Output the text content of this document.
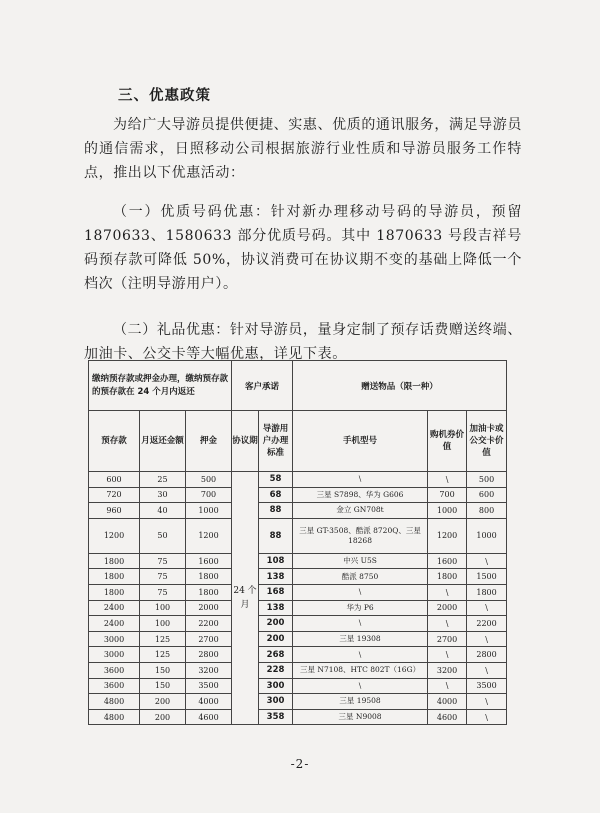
三、优惠政策
为给广大导游员提供便捷、实惠、优质的通讯服务，满足导游员的通信需求，日照移动公司根据旅游行业性质和导游员服务工作特点，推出以下优惠活动：
（一）优质号码优惠：针对新办理移动号码的导游员，预留 1870633、1580633 部分优质号码。其中 1870633 号段吉祥号码预存款可降低 50%，协议消费可在协议期不变的基础上降低一个档次（注明导游用户）。
（二）礼品优惠：针对导游员，量身定制了预存话费赠送终端、加油卡、公交卡等大幅优惠，详见下表。
缴纳预存款或押金办理，缴纳预存款的预存款在 24 个月内返还			客户承诺		赠送物品（限一种）		
预存款	月返还金额	押金	协议期	导游用户办理标准	手机型号	购机券价值	加油卡或公交卡价值
600	25	500	24 个月	58	\	\	500
720	30	700		68	三星 S7898、华为 G606	700	600
960	40	1000		88	金立 GN708t	1000	800
1200	50	1200		88	三星 GT-3508、酷派 8720Q、三星 18268	1200	1000
1800	75	1600		108	中兴 U5S	1600	\
1800	75	1800		138	酷派 8750	1800	1500
1800	75	1800		168	\	\	1800
2400	100	2000		138	华为 P6	2000	\
2400	100	2200		200	\	\	2200
3000	125	2700		200	三星 19308	2700	\
3000	125	2800		268	\	\	2800
3600	150	3200		228	三星 N7108、HTC 802T（16G）	3200	\
3600	150	3500		300	\	\	3500
4800	200	4000		300	三星 19508	4000	\
4800	200	4600		358	三星 N9008	4600	\
-2-
